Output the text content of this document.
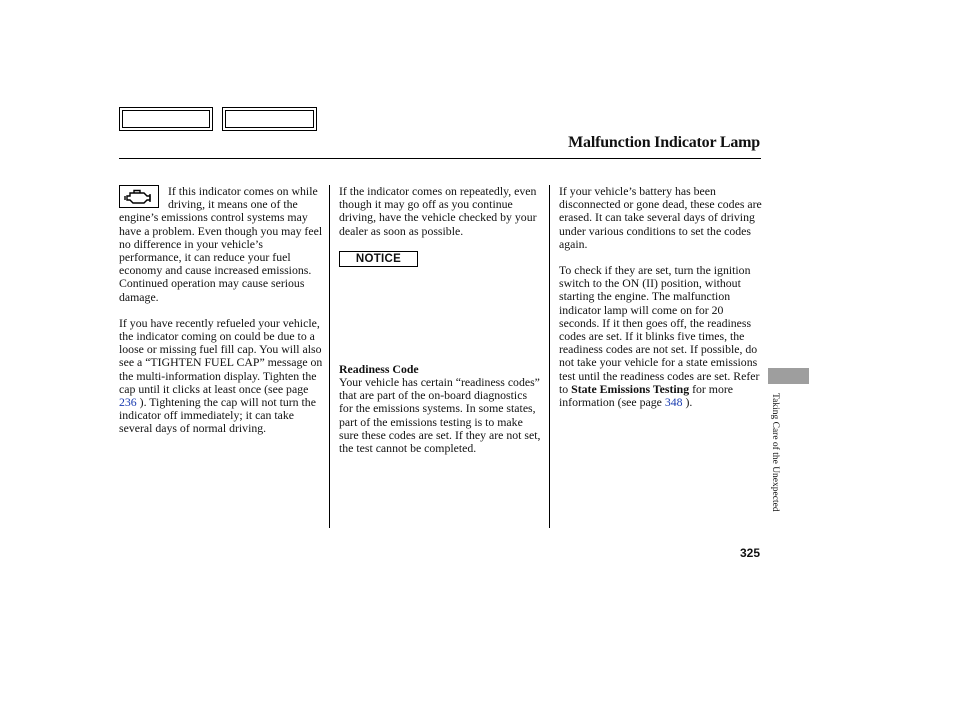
Malfunction Indicator Lamp

If this indicator comes on while driving, it means one of the engine’s emissions control systems may have a problem. Even though you may feel no difference in your vehicle’s performance, it can reduce your fuel economy and cause increased emissions. Continued operation may cause serious damage.

If you have recently refueled your vehicle, the indicator coming on could be due to a loose or missing fuel fill cap. You will also see a “TIGHTEN FUEL CAP” message on the multi-information display. Tighten the cap until it clicks at least once (see page 236 ). Tightening the cap will not turn the indicator off immediately; it can take several days of normal driving.

If the indicator comes on repeatedly, even though it may go off as you continue driving, have the vehicle checked by your dealer as soon as possible.

NOTICE

Readiness Code

Your vehicle has certain “readiness codes” that are part of the on-board diagnostics for the emissions systems. In some states, part of the emissions testing is to make sure these codes are set. If they are not set, the test cannot be completed.

If your vehicle’s battery has been disconnected or gone dead, these codes are erased. It can take several days of driving under various conditions to set the codes again.

To check if they are set, turn the ignition switch to the ON (II) position, without starting the engine. The malfunction indicator lamp will come on for 20 seconds. If it then goes off, the readiness codes are set. If it blinks five times, the readiness codes are not set. If possible, do not take your vehicle for a state emissions test until the readiness codes are set. Refer to State Emissions Testing for more information (see page 348 ).	Taking Care of the Unexpected
325
